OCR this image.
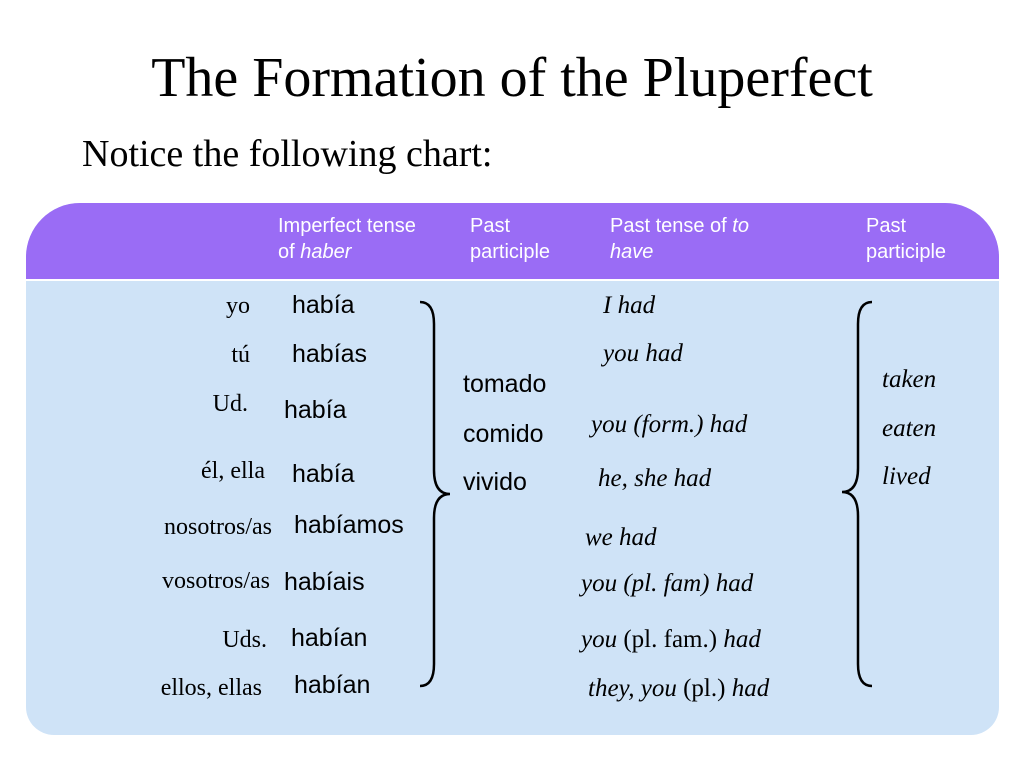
The Formation of the Pluperfect
Notice the following chart:
Imperfect tense
of haber
Past
participle
Past tense of to
have
Past
participle
yo
tú
Ud.
él, ella
nosotros/as
vosotros/as
Uds.
ellos, ellas
había
habías
había
había
habíamos
habíais
habían
habían
tomado
comido
vivido
I had
you had
you (form.) had
he, she had
we had
you (pl. fam) had
you (pl. fam.) had
they, you (pl.) had
taken
eaten
lived
